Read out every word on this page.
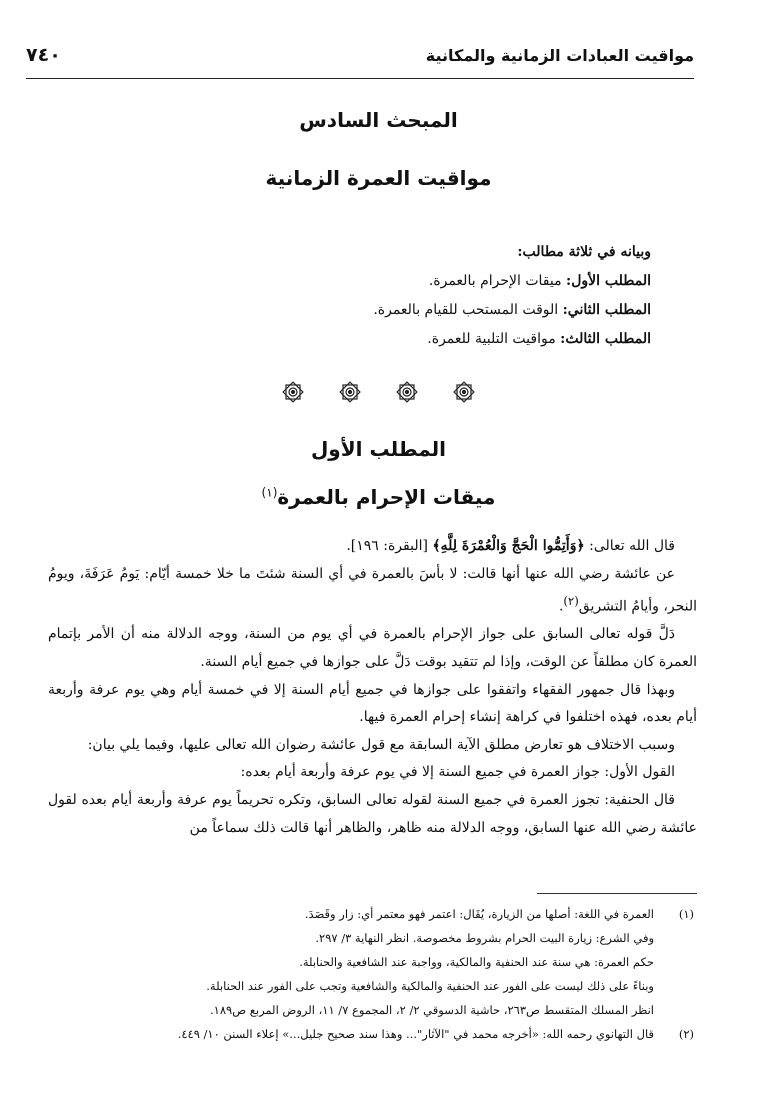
مواقيت العبادات الزمانية والمكانية
٧٤٠
المبحث السادس
مواقيت العمرة الزمانية
وبيانه في ثلاثة مطالب:
المطلب الأول: ميقات الإحرام بالعمرة.
المطلب الثاني: الوقت المستحب للقيام بالعمرة.
المطلب الثالث: مواقيت التلبية للعمرة.

المطلب الأول
ميقات الإحرام بالعمرة$^{(١)}$

قال الله تعالى: ﴿وَأَتِمُّوا الْحَجَّ وَالْعُمْرَةَ لِلَّهِ﴾ [البقرة: ١٩٦].

عن عائشة رضي الله عنها أنها قالت: لا بأسَ بالعمرة في أي السنة شئتَ ما خلا خمسة أيّام: يَومُ عَرَفَةَ، ويومُ النحر، وأيامُ التشريق$^{(٢)}$.

دَلَّ قوله تعالى السابق على جواز الإحرام بالعمرة في أي يوم من السنة، ووجه الدلالة منه أن الأمر بإتمام العمرة كان مطلقاً عن الوقت، وإذا لم تتقيد بوقت دَلَّ على جوازها في جميع أيام السنة.

وبهذا قال جمهور الفقهاء واتفقوا على جوازها في جميع أيام السنة إلا في خمسة أيام وهي يوم عرفة وأربعة أيام بعده، فهذه اختلفوا في كراهة إنشاء إحرام العمرة فيها.

وسبب الاختلاف هو تعارض مطلق الآية السابقة مع قول عائشة رضوان الله تعالى عليها، وفيما يلي بيان:

القول الأول: جواز العمرة في جميع السنة إلا في يوم عرفة وأربعة أيام بعده:

قال الحنفية: تجوز العمرة في جميع السنة لقوله تعالى السابق، وتكره تحريماً يوم عرفة وأربعة أيام بعده لقول عائشة رضي الله عنها السابق، ووجه الدلالة منه ظاهر، والظاهر أنها قالت ذلك سماعاً من

(١)
العمرة في اللغة: أصلها من الزيارة، يُقَال: اعتمر فهو معتمر أي: زار وقَصَدَ.
وفي الشرع: زيارة البيت الحرام بشروط مخصوصة. انظر النهاية ٣/ ٢٩٧.
حكم العمرة: هي سنة عند الحنفية والمالكية، وواجبة عند الشافعية والحنابلة.
وبناءً على ذلك ليست على الفور عند الحنفية والمالكية والشافعية وتجب على الفور عند الحنابلة.
انظر المسلك المتقسط ص٢٦٣، حاشية الدسوقي ٢/ ٢، المجموع ٧/ ١١، الروض المربع ص١٨٩.
(٢)
قال التهانوي رحمه الله: «أخرجه محمد في "الآثار"... وهذا سند صحيح جليل...» إعلاء السنن ١٠/ ٤٤٩.
